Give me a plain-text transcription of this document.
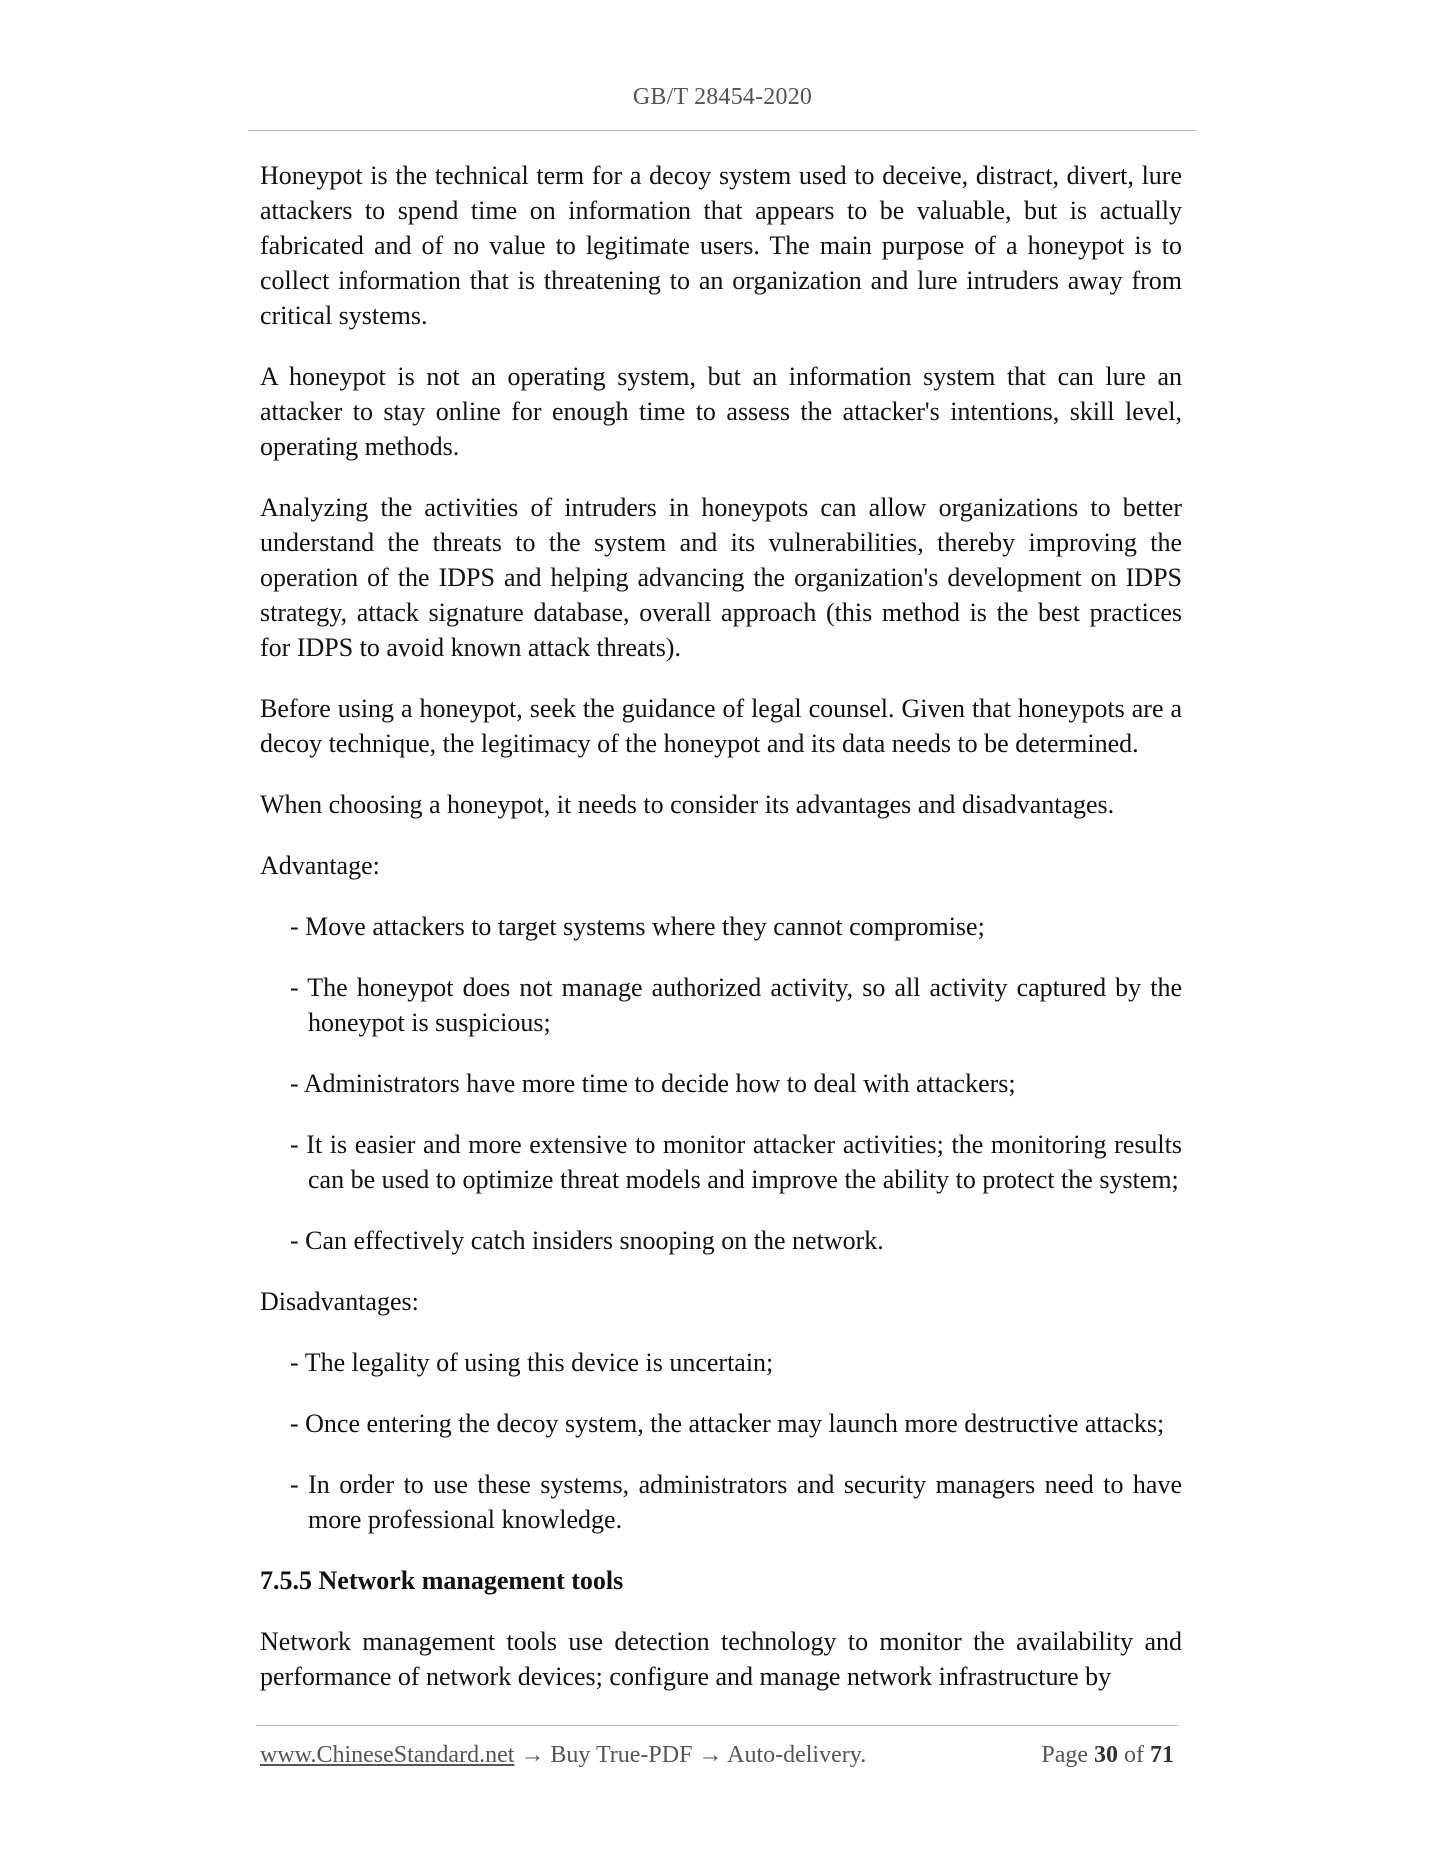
GB/T 28454-2020

Honeypot is the technical term for a decoy system used to deceive, distract, divert, lure attackers to spend time on information that appears to be valuable, but is actually fabricated and of no value to legitimate users. The main purpose of a honeypot is to collect information that is threatening to an organization and lure intruders away from critical systems.

A honeypot is not an operating system, but an information system that can lure an attacker to stay online for enough time to assess the attacker's intentions, skill level, operating methods.

Analyzing the activities of intruders in honeypots can allow organizations to better understand the threats to the system and its vulnerabilities, thereby improving the operation of the IDPS and helping advancing the organization's development on IDPS strategy, attack signature database, overall approach (this method is the best practices for IDPS to avoid known attack threats).

Before using a honeypot, seek the guidance of legal counsel. Given that honeypots are a decoy technique, the legitimacy of the honeypot and its data needs to be determined.

When choosing a honeypot, it needs to consider its advantages and disadvantages.

Advantage:

- Move attackers to target systems where they cannot compromise;
- The honeypot does not manage authorized activity, so all activity captured by the honeypot is suspicious;
- Administrators have more time to decide how to deal with attackers;
- It is easier and more extensive to monitor attacker activities; the monitoring results can be used to optimize threat models and improve the ability to protect the system;
- Can effectively catch insiders snooping on the network.

Disadvantages:

- The legality of using this device is uncertain;
- Once entering the decoy system, the attacker may launch more destructive attacks;
- In order to use these systems, administrators and security managers need to have more professional knowledge.

7.5.5 Network management tools

Network management tools use detection technology to monitor the availability and performance of network devices; configure and manage network infrastructure by

www.ChineseStandard.net → Buy True-PDF → Auto-delivery.	Page 30 of 71
